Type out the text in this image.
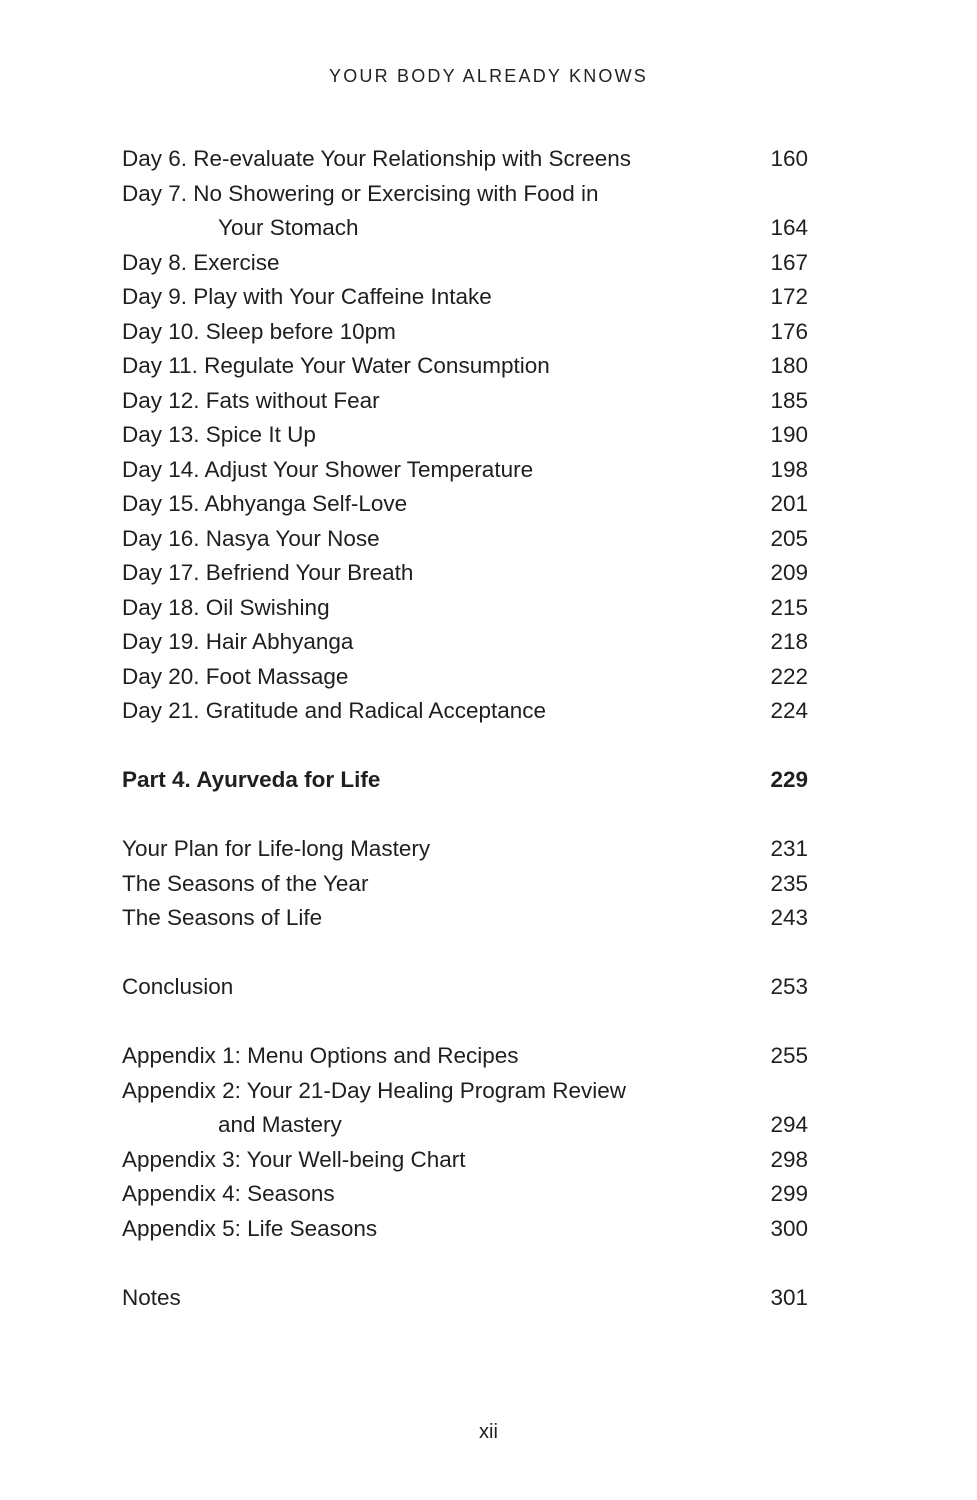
YOUR BODY ALREADY KNOWS
Day 6. Re-evaluate Your Relationship with Screens	160
Day 7. No Showering or Exercising with Food in
Your Stomach	164
Day 8. Exercise	167
Day 9. Play with Your Caffeine Intake	172
Day 10. Sleep before 10pm	176
Day 11. Regulate Your Water Consumption	180
Day 12. Fats without Fear	185
Day 13. Spice It Up	190
Day 14. Adjust Your Shower Temperature	198
Day 15. Abhyanga Self-Love	201
Day 16. Nasya Your Nose	205
Day 17. Befriend Your Breath	209
Day 18. Oil Swishing	215
Day 19. Hair Abhyanga	218
Day 20. Foot Massage	222
Day 21. Gratitude and Radical Acceptance	224
Part 4. Ayurveda for Life	229
Your Plan for Life-long Mastery	231
The Seasons of the Year	235
The Seasons of Life	243
Conclusion	253
Appendix 1: Menu Options and Recipes	255
Appendix 2: Your 21-Day Healing Program Review
and Mastery	294
Appendix 3: Your Well-being Chart	298
Appendix 4: Seasons	299
Appendix 5: Life Seasons	300
Notes	301
xii
